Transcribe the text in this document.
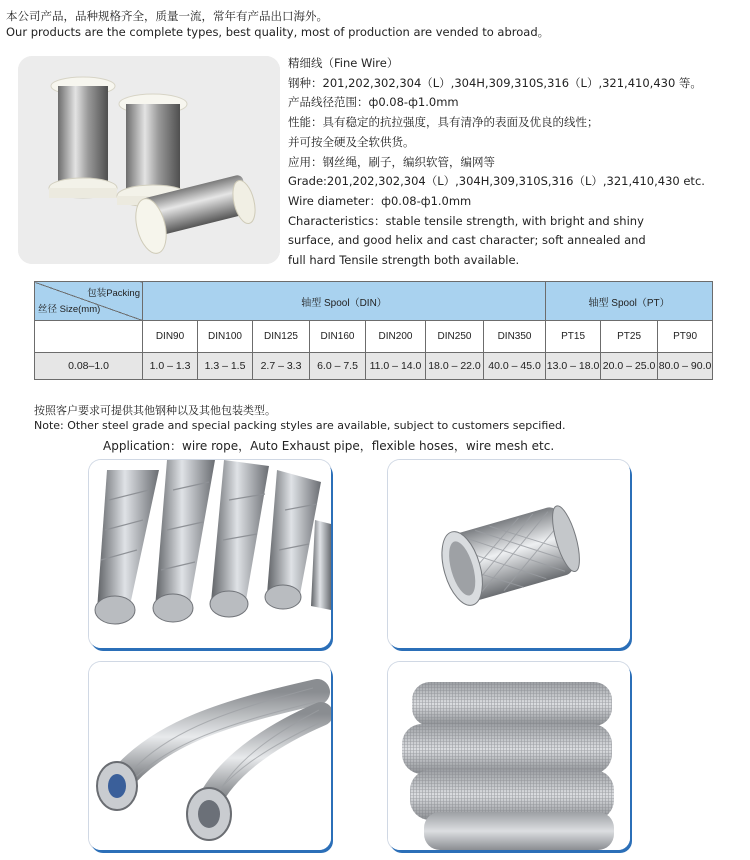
本公司产品，品种规格齐全，质量一流，常年有产品出口海外。
Our products are the complete types, best quality, most of production are vended to abroad。
精细线（Fine Wire）
钢种：201,202,302,304（L）,304H,309,310S,316（L）,321,410,430 等。
产品线径范围：ф0.08-ф1.0mm
性能：具有稳定的抗拉强度，具有清净的表面及优良的线性；
并可按全硬及全软供货。
应用：钢丝绳，刷子，编织软管，编网等
Grade:201,202,302,304（L）,304H,309,310S,316（L）,321,410,430 etc.
Wire diameter：ф0.08-ф1.0mm
Characteristics：stable tensile strength, with bright and shiny
surface, and good helix and cast character; soft annealed and
full hard Tensile strength both available.
包装Packing
丝径 Size(mm)	轴型 Spool（DIN）							轴型 Spool（PT）		
	DIN90	DIN100	DIN125	DIN160	DIN200	DIN250	DIN350	PT15	PT25	PT90
0.08–1.0	1.0 – 1.3	1.3 – 1.5	2.7 – 3.3	6.0 – 7.5	11.0 – 14.0	18.0 – 22.0	40.0 – 45.0	13.0 – 18.0	20.0 – 25.0	80.0 – 90.0
按照客户要求可提供其他钢种以及其他包装类型。
Note: Other steel grade and special packing styles are available, subject to customers sepcified.
Application：wire rope，Auto Exhaust pipe，flexible hoses，wire mesh etc.
